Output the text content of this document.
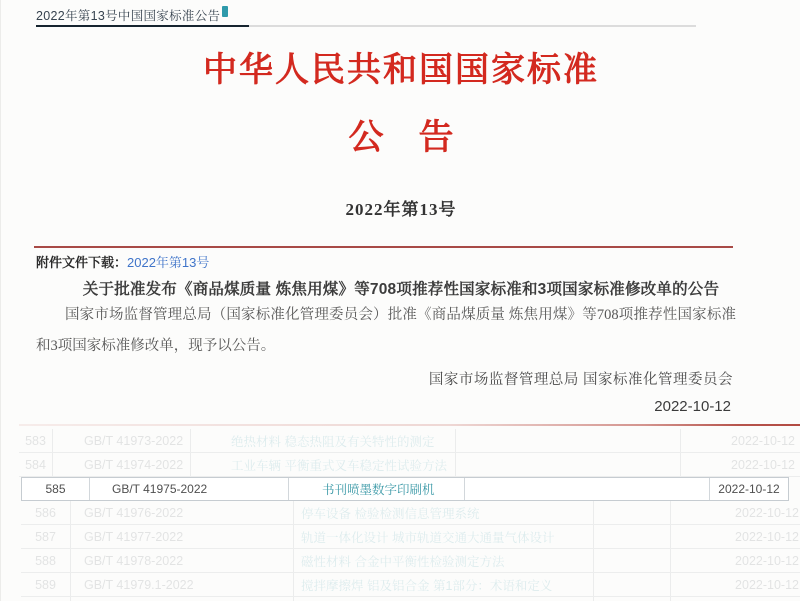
2022年第13号中国国家标准公告
中华人民共和国国家标准
公　告
2022年第13号
附件文件下载：2022年第13号
关于批准发布《商品煤质量 炼焦用煤》等708项推荐性国家标准和3项国家标准修改单的公告

国家市场监督管理总局（国家标准化管理委员会）批准《商品煤质量 炼焦用煤》等708项推荐性国家标准和3项国家标准修改单，现予以公告。

国家市场监督管理总局 国家标准化管理委员会
2022-10-12
583	GB/T 41973-2022	绝热材料 稳态热阻及有关特性的测定	2022-10-12
584	GB/T 41974-2022	工业车辆 平衡重式叉车稳定性试验方法	2022-10-12
585	GB/T 41975-2022	书刊喷墨数字印刷机	2022-10-12
586	GB/T 41976-2022	停车设备 检验检测信息管理系统	2022-10-12
587	GB/T 41977-2022	轨道一体化设计 城市轨道交通大通量气体设计	2022-10-12
588	GB/T 41978-2022	磁性材料 合金中平衡性检验测定方法	2022-10-12
589	GB/T 41979.1-2022	搅拌摩擦焊 铝及铝合金 第1部分：术语和定义	2022-10-12
